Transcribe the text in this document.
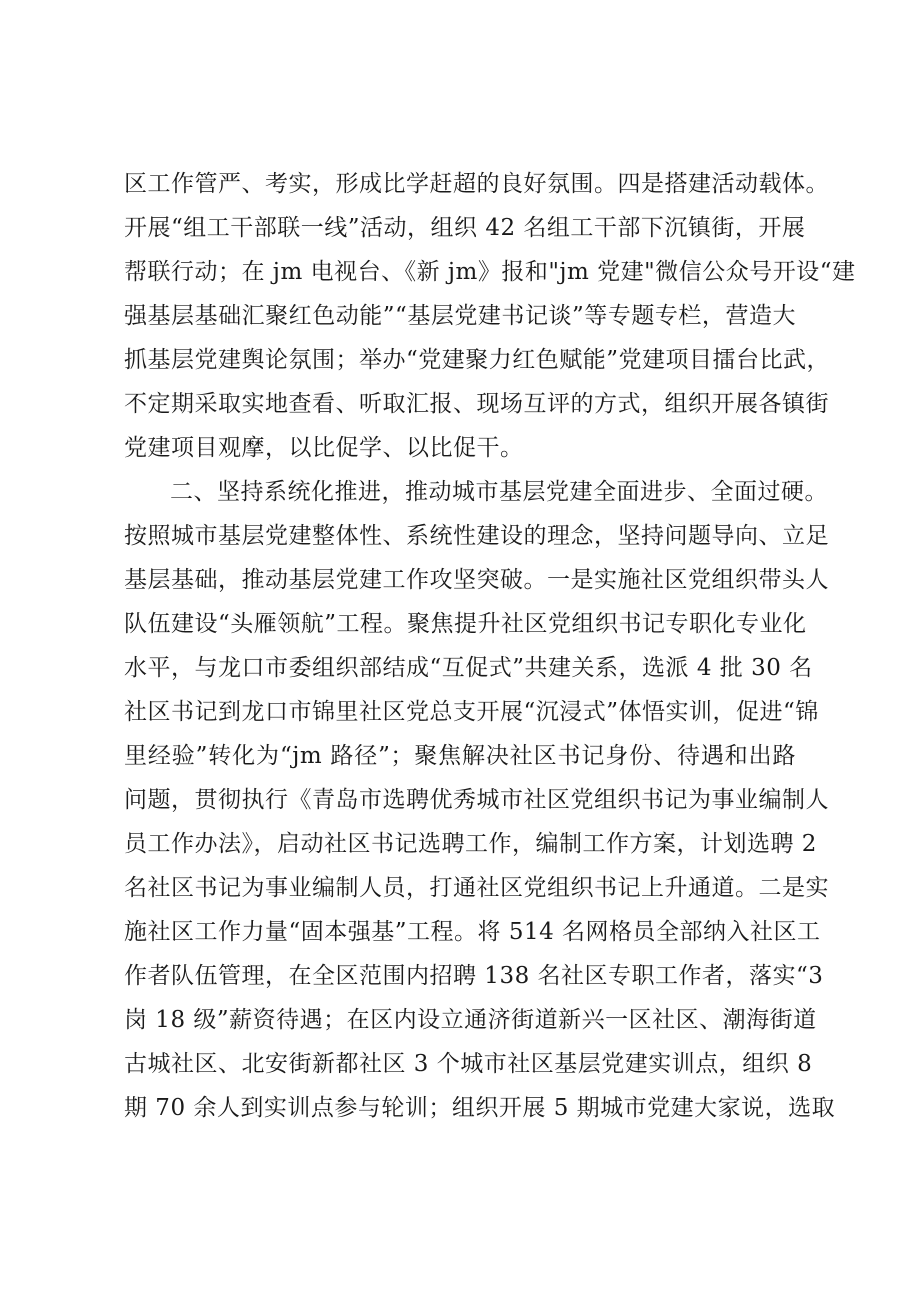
区工作管严、考实，形成比学赶超的良好氛围。四是搭建活动载体。
开展“组工干部联一线”活动，组织 42 名组工干部下沉镇街，开展
帮联行动；在 jm 电视台、《新 jm》报和"jm 党建"微信公众号开设“建
强基层基础汇聚红色动能”“基层党建书记谈”等专题专栏，营造大
抓基层党建舆论氛围；举办“党建聚力红色赋能”党建项目擂台比武，
不定期采取实地查看、听取汇报、现场互评的方式，组织开展各镇街
党建项目观摩，以比促学、以比促干。
二、坚持系统化推进，推动城市基层党建全面进步、全面过硬。
按照城市基层党建整体性、系统性建设的理念，坚持问题导向、立足
基层基础，推动基层党建工作攻坚突破。一是实施社区党组织带头人
队伍建设“头雁领航”工程。聚焦提升社区党组织书记专职化专业化
水平，与龙口市委组织部结成“互促式”共建关系，选派 4 批 30 名
社区书记到龙口市锦里社区党总支开展“沉浸式”体悟实训，促进“锦
里经验”转化为“jm 路径”；聚焦解决社区书记身份、待遇和出路
问题，贯彻执行《青岛市选聘优秀城市社区党组织书记为事业编制人
员工作办法》，启动社区书记选聘工作，编制工作方案，计划选聘 2
名社区书记为事业编制人员，打通社区党组织书记上升通道。二是实
施社区工作力量“固本强基”工程。将 514 名网格员全部纳入社区工
作者队伍管理，在全区范围内招聘 138 名社区专职工作者，落实“3
岗 18 级”薪资待遇；在区内设立通济街道新兴一区社区、潮海街道
古城社区、北安街新都社区 3 个城市社区基层党建实训点，组织 8
期 70 余人到实训点参与轮训；组织开展 5 期城市党建大家说，选取
